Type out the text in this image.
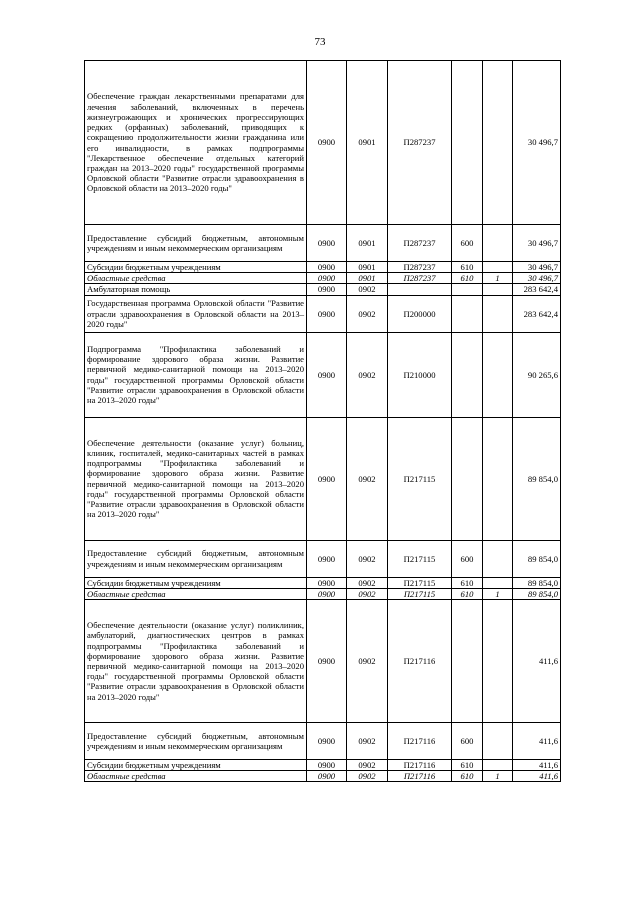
73
Обеспечение граждан лекарственными препаратами для лечения заболеваний, включенных в перечень жизнеугрожающих и хронических прогрессирующих редких (орфанных) заболеваний, приводящих к сокращению продолжительности жизни гражданина или его инвалидности, в рамках подпрограммы "Лекарственное обеспечение отдельных категорий граждан на 2013–2020 годы" государственной программы Орловской области "Развитие отрасли здравоохранения в Орловской области на 2013–2020 годы"	0900	0901	П287237			30 496,7
Предоставление субсидий бюджетным, автономным учреждениям и иным некоммерческим организациям	0900	0901	П287237	600		30 496,7
Субсидии бюджетным учреждениям	0900	0901	П287237	610		30 496,7
Областные средства	0900	0901	П287237	610	1	30 496,7
Амбулаторная помощь	0900	0902				283 642,4
Государственная программа Орловской области "Развитие отрасли здравоохранения в Орловской области на 2013–2020 годы"	0900	0902	П200000			283 642,4
Подпрограмма "Профилактика заболеваний и формирование здорового образа жизни. Развитие первичной медико-санитарной помощи на 2013–2020 годы" государственной программы Орловской области "Развитие отрасли здравоохранения в Орловской области на 2013–2020 годы"	0900	0902	П210000			90 265,6
Обеспечение деятельности (оказание услуг) больниц, клиник, госпиталей, медико-санитарных частей в рамках подпрограммы "Профилактика заболеваний и формирование здорового образа жизни. Развитие первичной медико-санитарной помощи на 2013–2020 годы" государственной программы Орловской области "Развитие отрасли здравоохранения в Орловской области на 2013–2020 годы"	0900	0902	П217115			89 854,0
Предоставление субсидий бюджетным, автономным учреждениям и иным некоммерческим организациям	0900	0902	П217115	600		89 854,0
Субсидии бюджетным учреждениям	0900	0902	П217115	610		89 854,0
Областные средства	0900	0902	П217115	610	1	89 854,0
Обеспечение деятельности (оказание услуг) поликлиник, амбулаторий, диагностических центров в рамках подпрограммы "Профилактика заболеваний и формирование здорового образа жизни. Развитие первичной медико-санитарной помощи на 2013–2020 годы" государственной программы Орловской области "Развитие отрасли здравоохранения в Орловской области на 2013–2020 годы"	0900	0902	П217116			411,6
Предоставление субсидий бюджетным, автономным учреждениям и иным некоммерческим организациям	0900	0902	П217116	600		411,6
Субсидии бюджетным учреждениям	0900	0902	П217116	610		411,6
Областные средства	0900	0902	П217116	610	1	411,6
